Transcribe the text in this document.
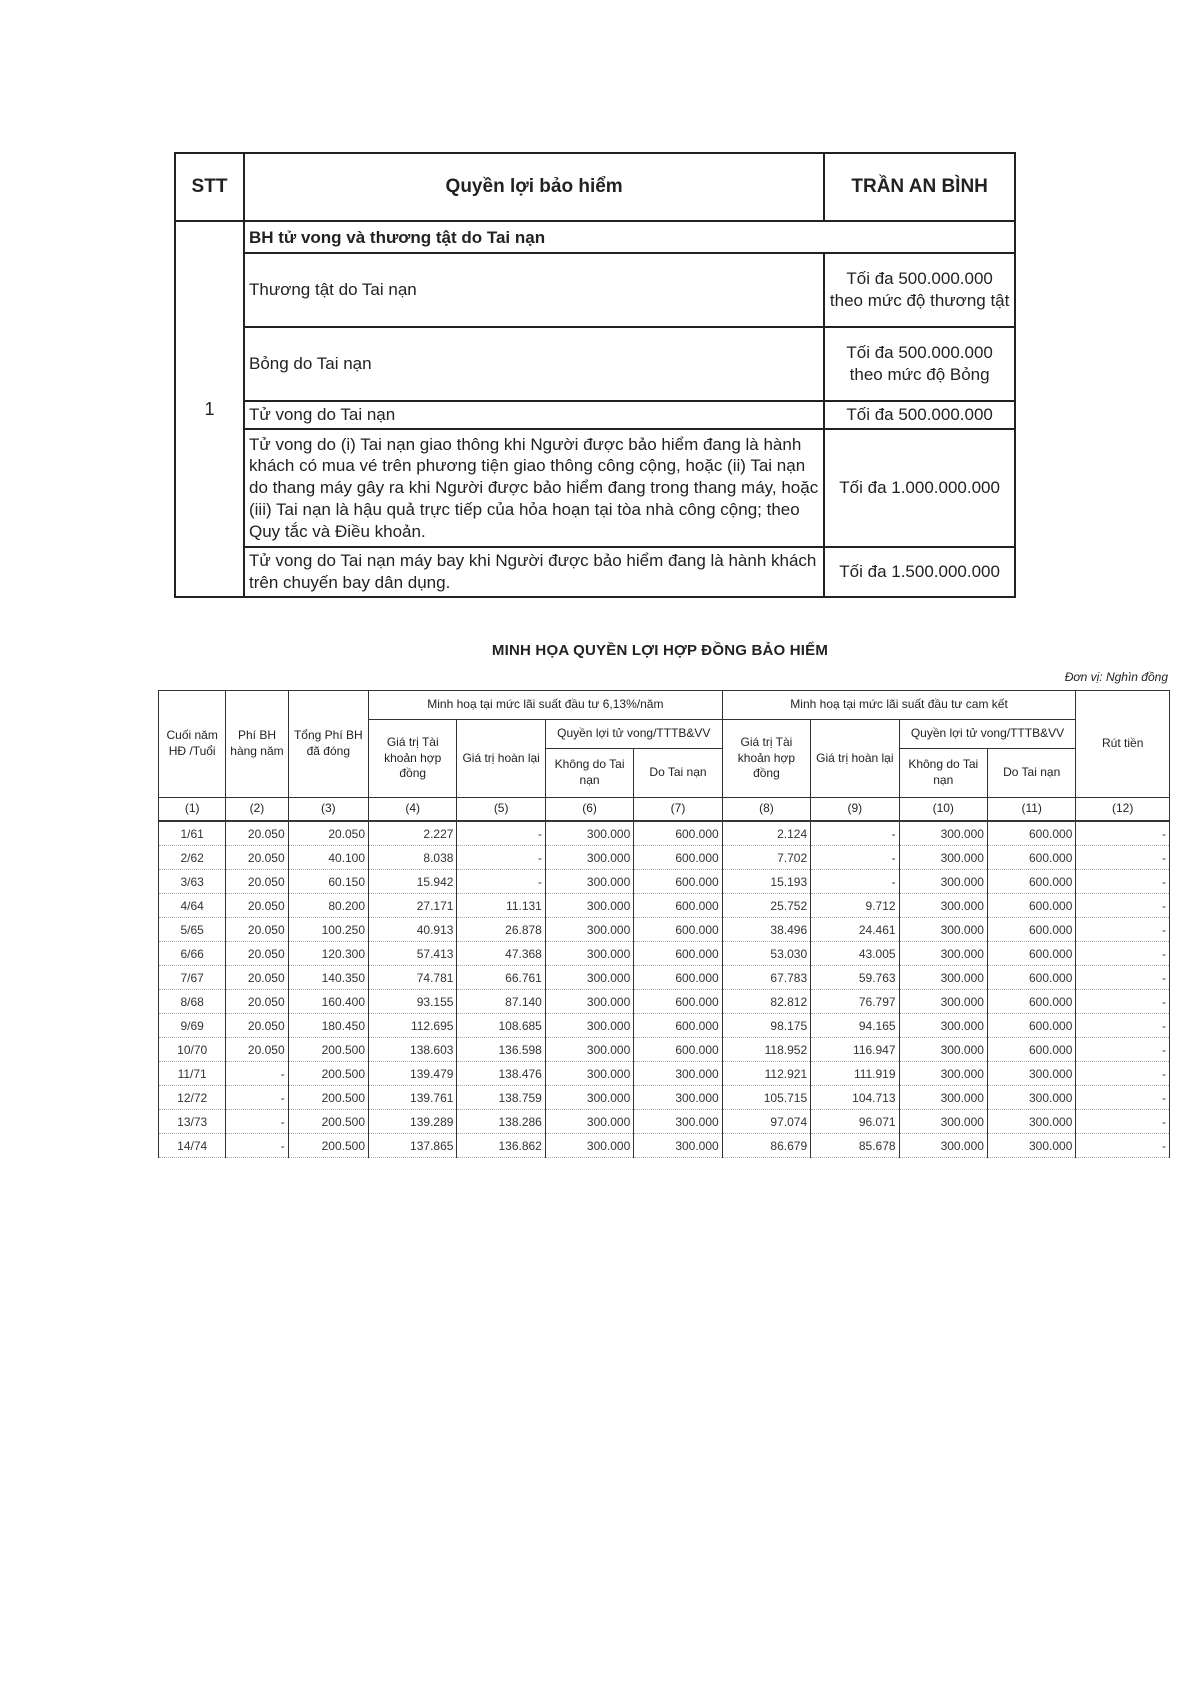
STT	Quyền lợi bảo hiểm	TRẦN AN BÌNH
1	BH tử vong và thương tật do Tai nạn	
	Thương tật do Tai nạn	Tối đa 500.000.000 theo mức độ thương tật
	Bỏng do Tai nạn	Tối đa 500.000.000 theo mức độ Bỏng
	Tử vong do Tai nạn	Tối đa 500.000.000
	Tử vong do (i) Tai nạn giao thông khi Người được bảo hiểm đang là hành khách có mua vé trên phương tiện giao thông công cộng, hoặc (ii) Tai nạn do thang máy gây ra khi Người được bảo hiểm đang trong thang máy, hoặc (iii) Tai nạn là hậu quả trực tiếp của hỏa hoạn tại tòa nhà công cộng; theo Quy tắc và Điều khoản.	Tối đa 1.000.000.000
	Tử vong do Tai nạn máy bay khi Người được bảo hiểm đang là hành khách trên chuyến bay dân dụng.	Tối đa 1.500.000.000
MINH HỌA QUYỀN LỢI HỢP ĐỒNG BẢO HIỂM
Đơn vị: Nghìn đồng
Cuối năm HĐ /Tuổi	Phí BH hàng năm	Tổng Phí BH đã đóng	Minh hoạ tại mức lãi suất đầu tư 6,13%/năm				Minh hoạ tại mức lãi suất đầu tư cam kết				Rút tiền
			Giá trị Tài khoản hợp đồng	Giá trị hoàn lại	Quyền lợi tử vong/TTTB&VV		Giá trị Tài khoản hợp đồng	Giá trị hoàn lại	Quyền lợi tử vong/TTTB&VV		
					Không do Tai nạn	Do Tai nạn			Không do Tai nạn	Do Tai nạn	
(1)	(2)	(3)	(4)	(5)	(6)	(7)	(8)	(9)	(10)	(11)	(12)
1/61	20.050	20.050	2.227	-	300.000	600.000	2.124	-	300.000	600.000	-
2/62	20.050	40.100	8.038	-	300.000	600.000	7.702	-	300.000	600.000	-
3/63	20.050	60.150	15.942	-	300.000	600.000	15.193	-	300.000	600.000	-
4/64	20.050	80.200	27.171	11.131	300.000	600.000	25.752	9.712	300.000	600.000	-
5/65	20.050	100.250	40.913	26.878	300.000	600.000	38.496	24.461	300.000	600.000	-
6/66	20.050	120.300	57.413	47.368	300.000	600.000	53.030	43.005	300.000	600.000	-
7/67	20.050	140.350	74.781	66.761	300.000	600.000	67.783	59.763	300.000	600.000	-
8/68	20.050	160.400	93.155	87.140	300.000	600.000	82.812	76.797	300.000	600.000	-
9/69	20.050	180.450	112.695	108.685	300.000	600.000	98.175	94.165	300.000	600.000	-
10/70	20.050	200.500	138.603	136.598	300.000	600.000	118.952	116.947	300.000	600.000	-
11/71	-	200.500	139.479	138.476	300.000	300.000	112.921	111.919	300.000	300.000	-
12/72	-	200.500	139.761	138.759	300.000	300.000	105.715	104.713	300.000	300.000	-
13/73	-	200.500	139.289	138.286	300.000	300.000	97.074	96.071	300.000	300.000	-
14/74	-	200.500	137.865	136.862	300.000	300.000	86.679	85.678	300.000	300.000	-
